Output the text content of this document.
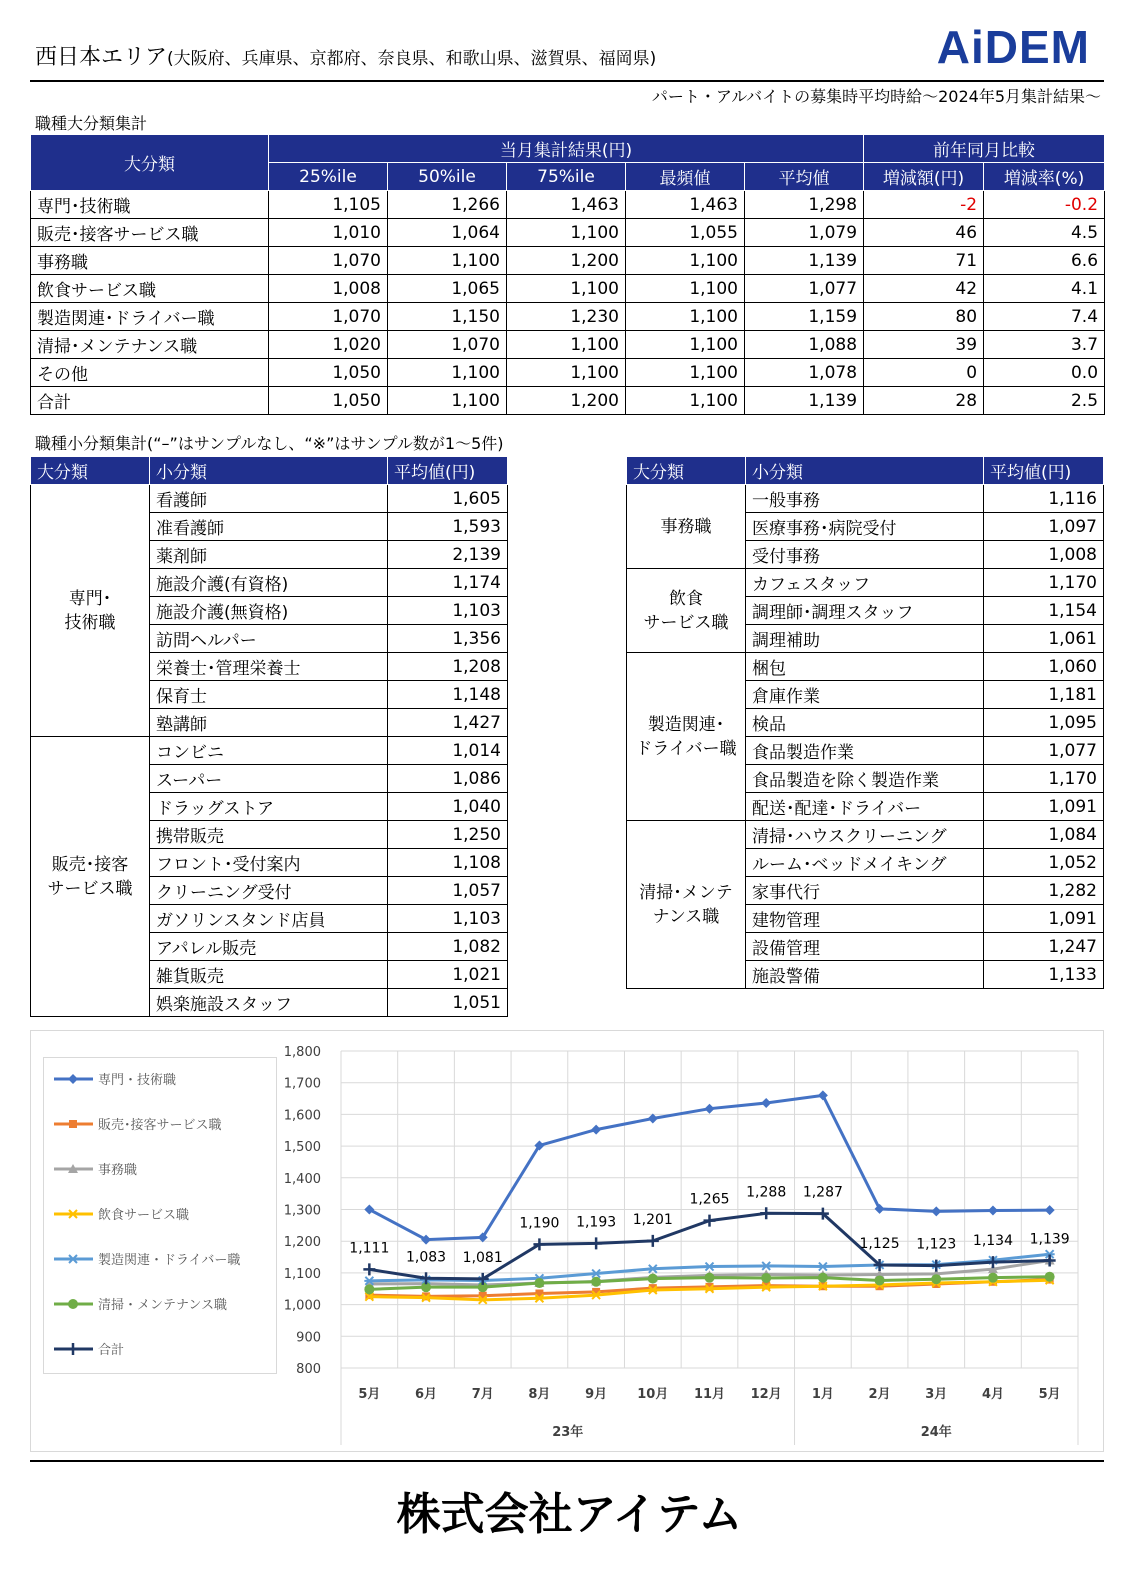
西日本エリア(大阪府、兵庫県、京都府、奈良県、和歌山県、滋賀県、福岡県)	AiDEM
パート・アルバイトの募集時平均時給～2024年5月集計結果～
職種大分類集計
大分類	当月集計結果(円)					前年同月比較	
	25%ile	50%ile	75%ile	最頻値	平均値	増減額(円)	増減率(%)
専門･技術職	1,105	1,266	1,463	1,463	1,298	-2	-0.2
販売･接客サービス職	1,010	1,064	1,100	1,055	1,079	46	4.5
事務職	1,070	1,100	1,200	1,100	1,139	71	6.6
飲食サービス職	1,008	1,065	1,100	1,100	1,077	42	4.1
製造関連･ドライバー職	1,070	1,150	1,230	1,100	1,159	80	7.4
清掃･メンテナンス職	1,020	1,070	1,100	1,100	1,088	39	3.7
その他	1,050	1,100	1,100	1,100	1,078	0	0.0
合計	1,050	1,100	1,200	1,100	1,139	28	2.5
職種小分類集計(“–”はサンプルなし、“※”はサンプル数が1～5件)
大分類	小分類	平均値(円)
専門･
技術職	看護師	1,605
	准看護師	1,593
	薬剤師	2,139
	施設介護(有資格)	1,174
	施設介護(無資格)	1,103
	訪問ヘルパー	1,356
	栄養士･管理栄養士	1,208
	保育士	1,148
	塾講師	1,427
販売･接客
サービス職	コンビニ	1,014
	スーパー	1,086
	ドラッグストア	1,040
	携帯販売	1,250
	フロント･受付案内	1,108
	クリーニング受付	1,057
	ガソリンスタンド店員	1,103
	アパレル販売	1,082
	雑貨販売	1,021
	娯楽施設スタッフ	1,051
大分類	小分類	平均値(円)
事務職	一般事務	1,116
	医療事務･病院受付	1,097
	受付事務	1,008
飲食
サービス職	カフェスタッフ	1,170
	調理師･調理スタッフ	1,154
	調理補助	1,061
製造関連･
ドライバー職	梱包	1,060
	倉庫作業	1,181
	検品	1,095
	食品製造作業	1,077
	食品製造を除く製造作業	1,170
	配送･配達･ドライバー	1,091
清掃･メンテ
ナンス職	清掃･ハウスクリーニング	1,084
	ルーム･ベッドメイキング	1,052
	家事代行	1,282
	建物管理	1,091
	設備管理	1,247
	施設警備	1,133
800
900
1,000
1,100
1,200
1,300
1,400
1,500
1,600
1,700
1,800
5月	6月	7月	8月	9月 10月 11月 12月 1月	2月	3月	4月	5月
23年	24年
1,111
1,083 1,081
1,190 1,193 1,201
1,265 1,288 1,287
1,125 1,123 1,134 1,139
専門・技術職
販売･接客サービス職
事務職
飲食サービス職
製造関連・ドライバー職
清掃・メンテナンス職
合計
株式会社アイテム
